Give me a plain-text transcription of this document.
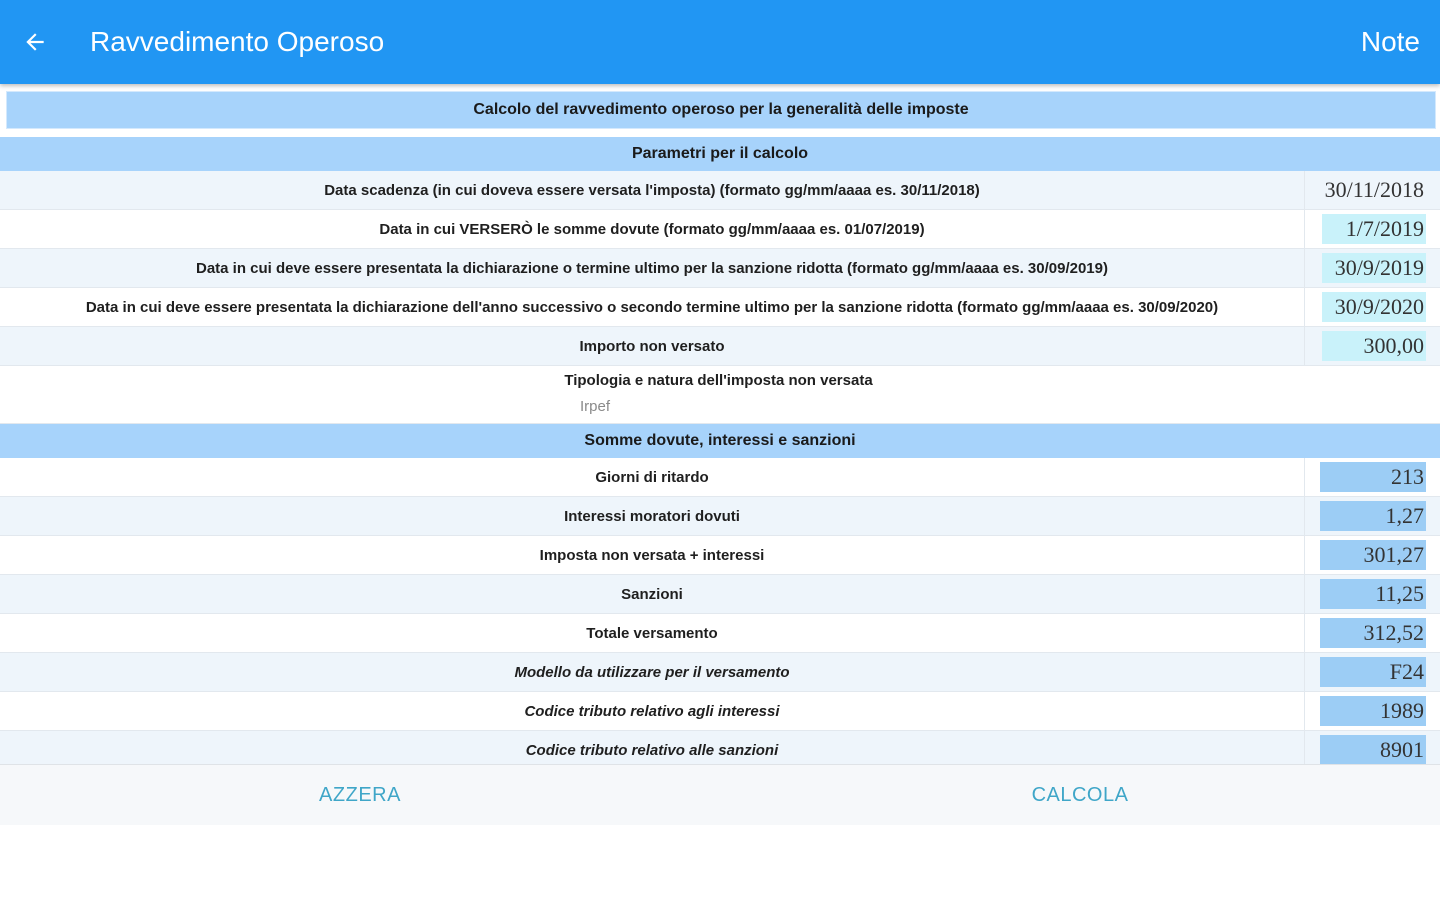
Ravvedimento Operoso	Note
Calcolo del ravvedimento operoso per la generalità delle imposte
Parametri per il calcolo
Data scadenza (in cui doveva essere versata l'imposta) (formato gg/mm/aaaa es. 30/11/2018)	30/11/2018
Data in cui VERSERÒ le somme dovute (formato gg/mm/aaaa es. 01/07/2019)	1/7/2019
Data in cui deve essere presentata la dichiarazione o termine ultimo per la sanzione ridotta (formato gg/mm/aaaa es. 30/09/2019)	30/9/2019
Data in cui deve essere presentata la dichiarazione dell'anno successivo o secondo termine ultimo per la sanzione ridotta (formato gg/mm/aaaa es. 30/09/2020)	30/9/2020
Importo non versato	300,00
Tipologia e natura dell'imposta non versata
Irpef
Somme dovute, interessi e sanzioni
Giorni di ritardo	213
Interessi moratori dovuti	1,27
Imposta non versata + interessi	301,27
Sanzioni	11,25
Totale versamento	312,52
Modello da utilizzare per il versamento	F24
Codice tributo relativo agli interessi	1989
Codice tributo relativo alle sanzioni	8901
AZZERA	CALCOLA
